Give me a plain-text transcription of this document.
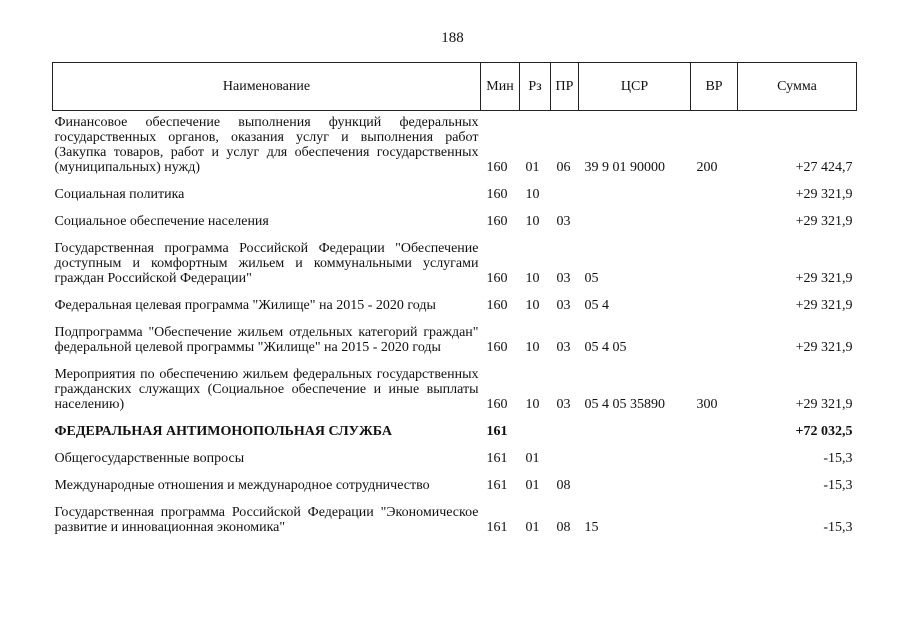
188
Наименование	Мин	Рз	ПР	ЦСР	ВР	Сумма
Финансовое обеспечение выполнения функций федеральных государственных органов, оказания услуг и выполнения работ (Закупка товаров, работ и услуг для обеспечения государственных (муниципальных) нужд)	160	01	06	39 9 01 90000	200	+27 424,7
Социальная политика	160	10				+29 321,9
Социальное обеспечение населения	160	10	03			+29 321,9
Государственная программа Российской Федерации "Обеспечение доступным и комфортным жильем и коммунальными услугами граждан Российской Федерации"	160	10	03	05		+29 321,9
Федеральная целевая программа "Жилище" на 2015 - 2020 годы	160	10	03	05 4		+29 321,9
Подпрограмма "Обеспечение жильем отдельных категорий граждан" федеральной целевой программы "Жилище" на 2015 - 2020 годы	160	10	03	05 4 05		+29 321,9
Мероприятия по обеспечению жильем федеральных государственных гражданских служащих (Социальное обеспечение и иные выплаты населению)	160	10	03	05 4 05 35890	300	+29 321,9
ФЕДЕРАЛЬНАЯ АНТИМОНОПОЛЬНАЯ СЛУЖБА	161					+72 032,5
Общегосударственные вопросы	161	01				-15,3
Международные отношения и международное сотрудничество	161	01	08			-15,3
Государственная программа Российской Федерации "Экономическое развитие и инновационная экономика"	161	01	08	15		-15,3
